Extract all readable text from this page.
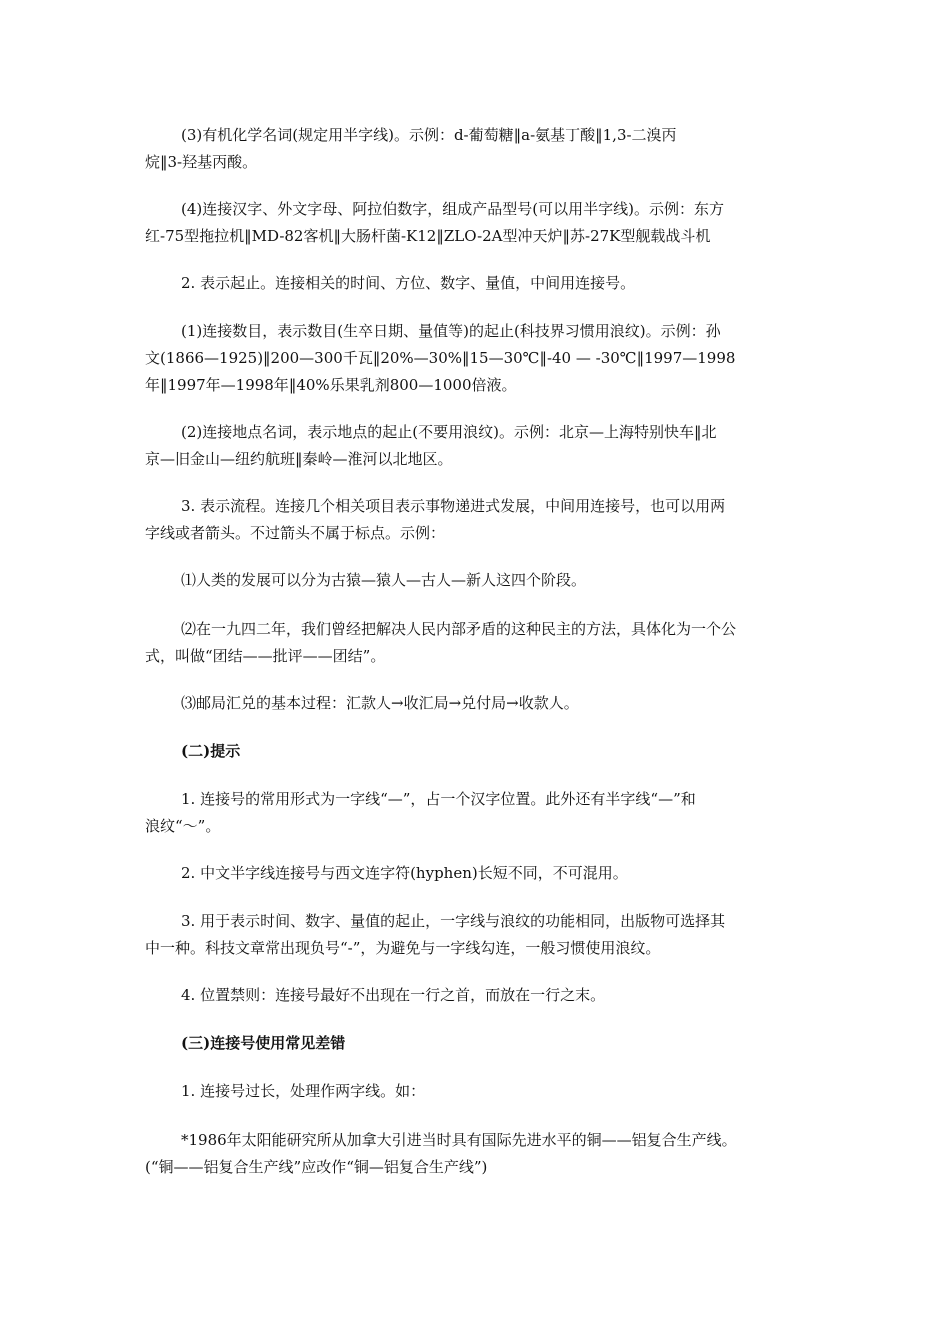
(3)有机化学名词(规定用半字线)。示例：d-葡萄糖‖a-氨基丁酸‖1,3-二溴丙
烷‖3-羟基丙酸。
(4)连接汉字、外文字母、阿拉伯数字，组成产品型号(可以用半字线)。示例：东方
红-75型拖拉机‖MD-82客机‖大肠杆菌-K12‖ZLO-2A型冲天炉‖苏-27K型舰载战斗机
2. 表示起止。连接相关的时间、方位、数字、量值，中间用连接号。
(1)连接数目，表示数目(生卒日期、量值等)的起止(科技界习惯用浪纹)。示例：孙
文(1866—1925)‖200—300千瓦‖20%—30%‖15—30℃‖-40 — -30℃‖1997—1998
年‖1997年—1998年‖40%乐果乳剂800—1000倍液。
(2)连接地点名词，表示地点的起止(不要用浪纹)。示例：北京—上海特别快车‖北
京—旧金山—纽约航班‖秦岭—淮河以北地区。
3. 表示流程。连接几个相关项目表示事物递进式发展，中间用连接号，也可以用两
字线或者箭头。不过箭头不属于标点。示例：
⑴人类的发展可以分为古猿—猿人—古人—新人这四个阶段。
⑵在一九四二年，我们曾经把解决人民内部矛盾的这种民主的方法，具体化为一个公
式，叫做“团结——批评——团结”。
⑶邮局汇兑的基本过程：汇款人→收汇局→兑付局→收款人。
(二)提示
1. 连接号的常用形式为一字线“—”，占一个汉字位置。此外还有半字线“—”和
浪纹“～”。
2. 中文半字线连接号与西文连字符(hyphen)长短不同，不可混用。
3. 用于表示时间、数字、量值的起止，一字线与浪纹的功能相同，出版物可选择其
中一种。科技文章常出现负号“-”，为避免与一字线勾连，一般习惯使用浪纹。
4. 位置禁则：连接号最好不出现在一行之首，而放在一行之末。
(三)连接号使用常见差错
1. 连接号过长，处理作两字线。如：
*1986年太阳能研究所从加拿大引进当时具有国际先进水平的铜——铝复合生产线。
(“铜——铝复合生产线”应改作“铜—铝复合生产线”)
